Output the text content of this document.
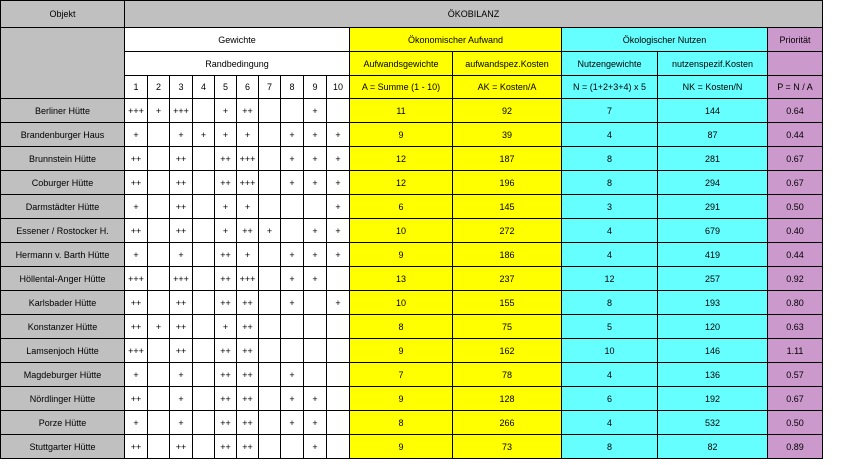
Objekt	ÖKOBILANZ														
	Gewichte										Ökonomischer Aufwand		Ökologischer Nutzen		Priorität
	Randbedingung										Aufwandsgewichte	aufwandspez.Kosten	Nutzengewichte	nutzenspezif.Kosten	
	1	2	3	4	5	6	7	8	9	10	A = Summe (1 - 10)	AK = Kosten/A	N = (1+2+3+4) x 5	NK = Kosten/N	P = N / A
Berliner Hütte	+++	+	+++		+	++			+		11	92	7	144	0.64
Brandenburger Haus	+		+	+	+	+		+	+	+	9	39	4	87	0.44
Brunnstein Hütte	++		++		++	+++		+	+	+	12	187	8	281	0.67
Coburger Hütte	++		++		++	+++		+	+	+	12	196	8	294	0.67
Darmstädter Hütte	+		++		+	+				+	6	145	3	291	0.50
Essener / Rostocker H.	++		++		+	++	+		+	+	10	272	4	679	0.40
Hermann v. Barth Hütte	+		+		++	+		+	+	+	9	186	4	419	0.44
Höllental-Anger Hütte	+++		+++		++	+++		+	+		13	237	12	257	0.92
Karlsbader Hütte	++		++		++	++		+		+	10	155	8	193	0.80
Konstanzer Hütte	++	+	++		+	++					8	75	5	120	0.63
Lamsenjoch Hütte	+++		++		++	++					9	162	10	146	1.11
Magdeburger Hütte	+		+		++	++		+			7	78	4	136	0.57
Nördlinger Hütte	++		+		++	++		+	+		9	128	6	192	0.67
Porze Hütte	+		+		++	++		+	+		8	266	4	532	0.50
Stuttgarter Hütte	++		++		++	++			+		9	73	8	82	0.89
